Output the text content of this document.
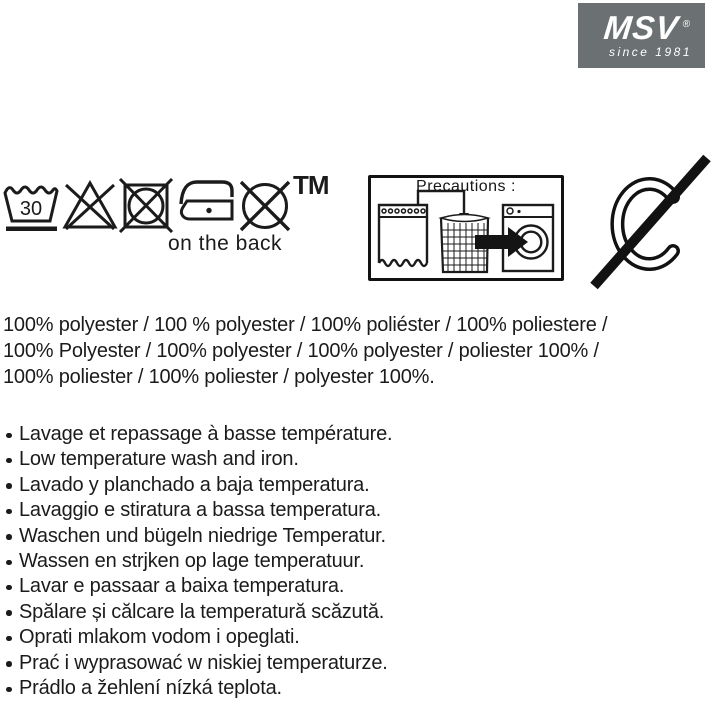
MSV ®
since 1981
30
TM
on the back
Precautions :
100% polyester / 100 % polyester / 100% poliéster / 100% poliestere /
100% Polyester / 100% polyester / 100% polyester / poliester 100% /
100% poliester / 100% poliester / polyester 100%.
Lavage et repassage à basse température.
Low temperature wash and iron.
Lavado y planchado a baja temperatura.
Lavaggio e stiratura a bassa temperatura.
Waschen und bügeln niedrige Temperatur.
Wassen en strjken op lage temperatuur.
Lavar e passaar a baixa temperatura.
Spălare și călcare la temperatură scăzută.
Oprati mlakom vodom i opeglati.
Prać i wyprasować w niskiej temperaturze.
Prádlo a žehlení nízká teplota.
